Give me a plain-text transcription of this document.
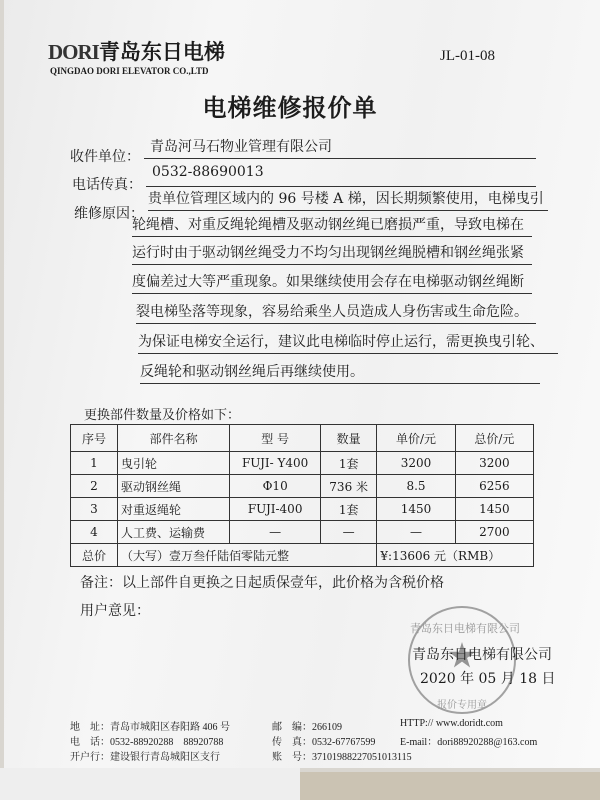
DORI青岛东日电梯
QINGDAO DORI ELEVATOR CO.,LTD
JL-01-08
电梯维修报价单
收件单位：
青岛河马石物业管理有限公司
电话传真：
0532-88690013
维修原因：
贵单位管理区域内的 96 号楼 A 梯，因长期频繁使用，电梯曳引
轮绳槽、对重反绳轮绳槽及驱动钢丝绳已磨损严重，导致电梯在
运行时由于驱动钢丝绳受力不均匀出现钢丝绳脱槽和钢丝绳张紧
度偏差过大等严重现象。如果继续使用会存在电梯驱动钢丝绳断
裂电梯坠落等现象，容易给乘坐人员造成人身伤害或生命危险。
为保证电梯安全运行，建议此电梯临时停止运行，需更换曳引轮、
反绳轮和驱动钢丝绳后再继续使用。
更换部件数量及价格如下：
序号	部件名称	型 号	数量	单价/元	总价/元
1	曳引轮	FUJI- Y400	1套	3200	3200
2	驱动钢丝绳	Φ10	736 米	8.5	6256
3	对重返绳轮	FUJI-400	1套	1450	1450
4	人工费、运输费	—	—	—	2700
总价	（大写）壹万叁仟陆佰零陆元整			¥:13606 元（RMB）	
备注：以上部件自更换之日起质保壹年，此价格为含税价格
用户意见：
青岛东日电梯有限公司
报价专用章
青岛东日电梯有限公司
2020 年 05 月 18 日
地　址：青岛市城阳区春阳路 406 号	邮　编：266109	HTTP:// www.doridt.com
电　话：0532-88920288　88920788	传　真：0532-67767599 E-mail：dori88920288@163.com
开户行：建设银行青岛城阳区支行	账　号：37101988227051013115
